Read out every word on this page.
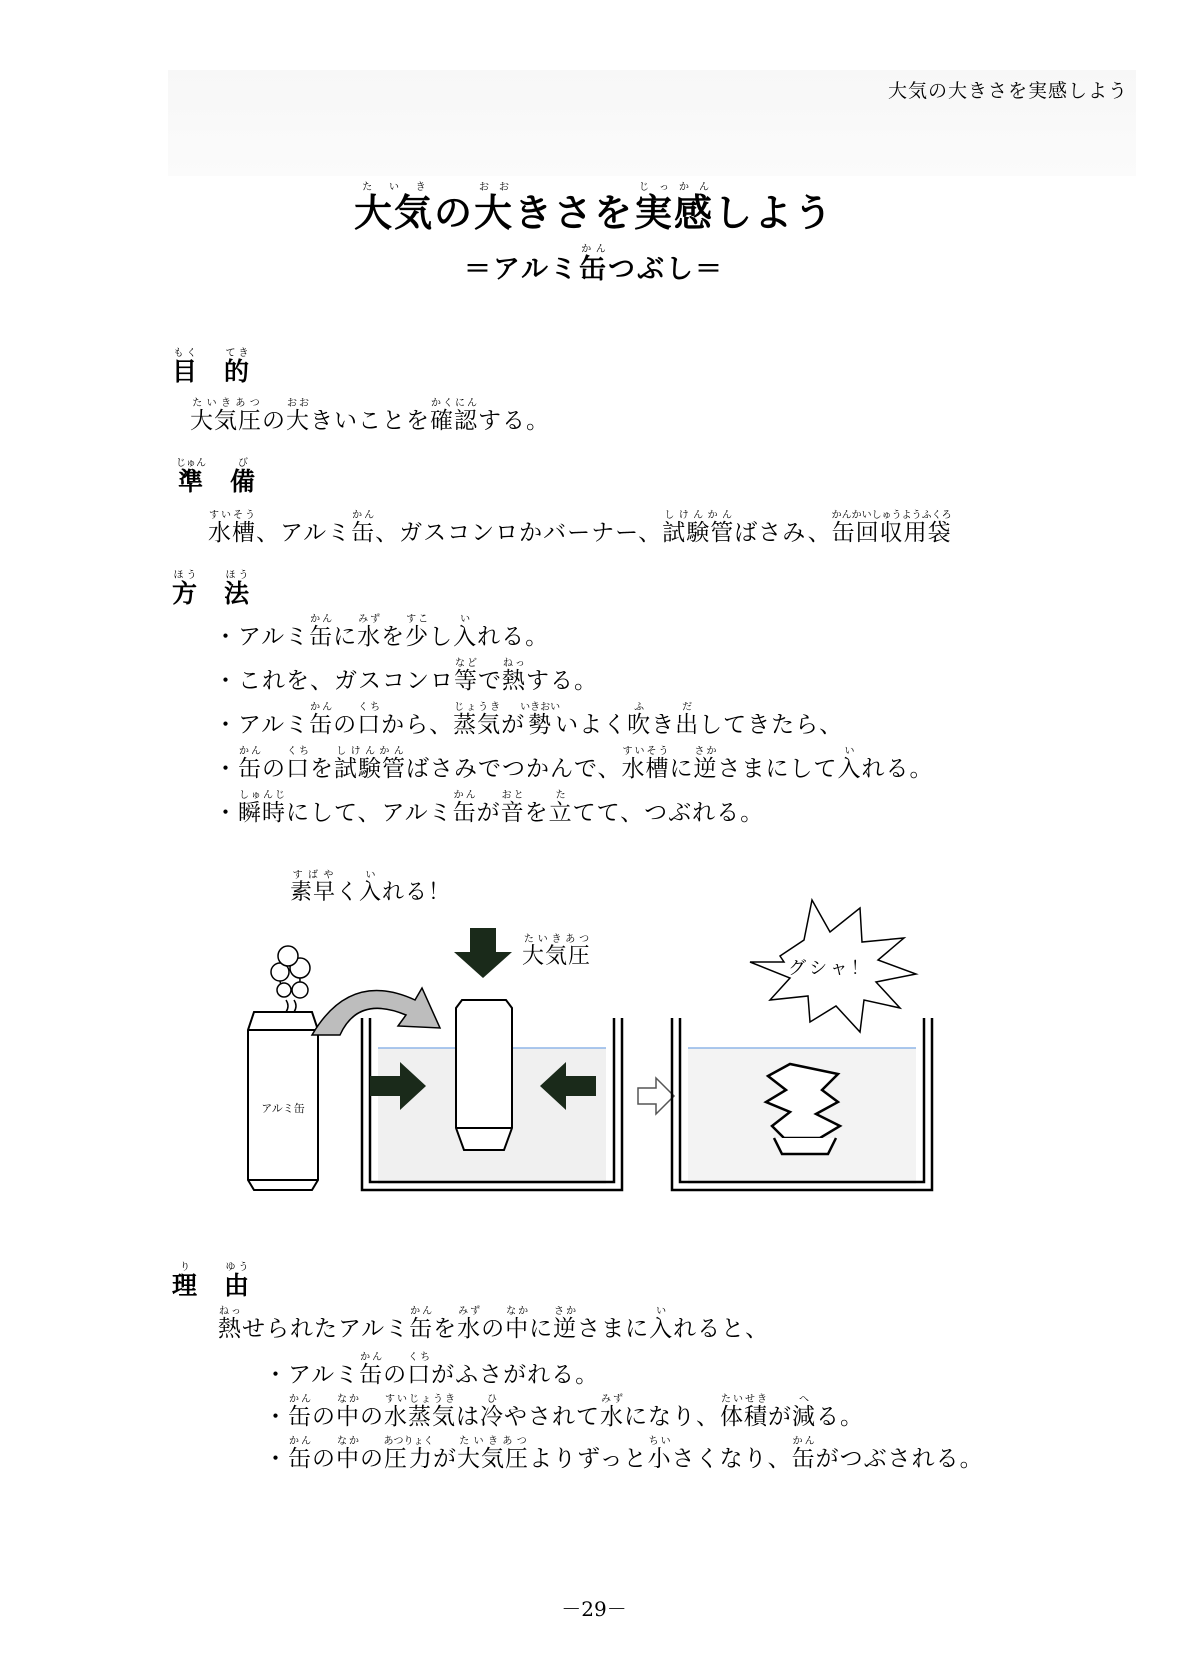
大気の大きさを実感しよう
大気たいきの大おおきさを実感じっかんしよう
＝アルミ缶かんつぶし＝
目もく　的てき
大気圧たいきあつの大おおきいことを確認かくにんする。
準じゅん　備び
水槽すいそう、アルミ缶かん、ガスコンロかバーナー、試験管しけんかんばさみ、缶回収用袋かんかいしゅうようふくろ
方ほう　法ほう
・アルミ缶かんに水みずを少すこし入いれる。
・これを、ガスコンロ等などで熱ねっする。
・アルミ缶かんの口くちから、蒸気じょうきが勢いきおいいよく吹ふき出だしてきたら、
・缶かんの口くちを試験管しけんかんばさみでつかんで、水槽すいそうに逆さかさまにして入いれる。
・瞬時しゅんじにして、アルミ缶かんが音おとを立たてて、つぶれる。
素早すばやく入いれる！
大気圧たいきあつ
アルミ缶
グシャ！
理り　由ゆう
熱ねっせられたアルミ缶かんを水みずの中なかに逆さかさまに入いれると、
・アルミ缶かんの口くちがふさがれる。
・缶かんの中なかの水蒸気すいじょうきは冷ひやされて水みずになり、体積たいせきが減へる。
・缶かんの中なかの圧力あつりょくが大気圧たいきあつよりずっと小ちいさくなり、缶かんがつぶされる。
－29－
